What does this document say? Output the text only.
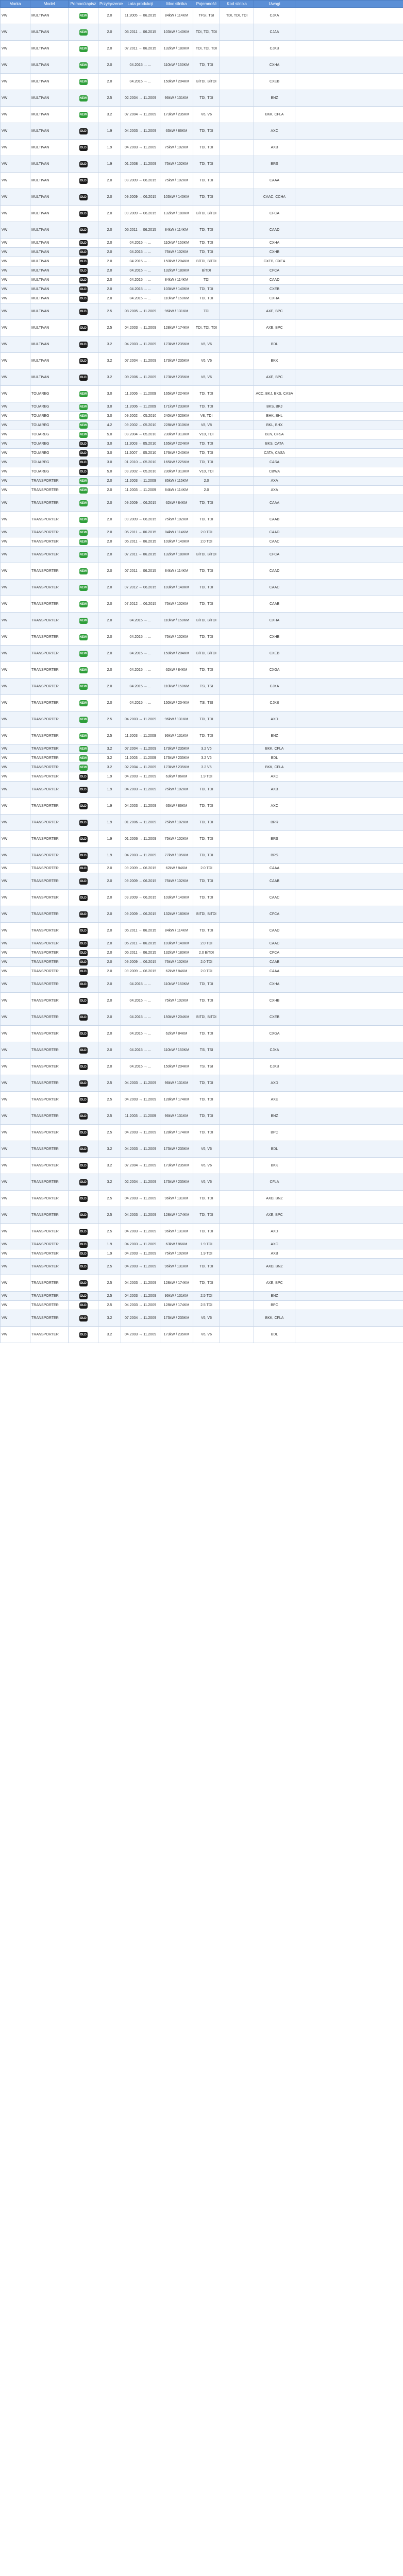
Marka	Model	Pomoc/zapisz	Przyłączenie	Lata produkcji	Moc silnika	Pojemność	Kod silnika	Uwagi	
VW	MULTIVAN	NEW	2.0	11.2005 → 06.2015	84kW / 114KM	TFSI, TSI	TDI, TDI, TDI	CJKA	
VW	MULTIVAN	NEW	2.0	05.2011 → 06.2015	103kW / 140KM	TDI, TDI, TDI		CJAA	
VW	MULTIVAN	NEW	2.0	07.2011 → 06.2015	132kW / 180KM	TDI, TDI, TDI		CJKB	
VW	MULTIVAN	NEW	2.0	04.2015 → ...	110kW / 150KM	TDI, TDI		CXHA	
VW	MULTIVAN	NEW	2.0	04.2015 → ...	150kW / 204KM	BiTDI, BiTDI		CXEB	
VW	MULTIVAN	NEW	2.5	02.2004 → 11.2009	96kW / 131KM	TDI, TDI		BNZ	
VW	MULTIVAN	NEW	3.2	07.2004 → 11.2009	173kW / 235KM	V6, V6		BKK, CFLA	
VW	MULTIVAN	OLD	1.9	04.2003 → 11.2009	63kW / 86KM	TDI, TDI		AXC	
VW	MULTIVAN	OLD	1.9	04.2003 → 11.2009	75kW / 102KM	TDI, TDI		AXB	
VW	MULTIVAN	OLD	1.9	01.2008 → 11.2009	75kW / 102KM	TDI, TDI		BRS	
VW	MULTIVAN	OLD	2.0	08.2009 → 06.2015	75kW / 102KM	TDI, TDI		CAAA	
VW	MULTIVAN	OLD	2.0	09.2009 → 06.2015	103kW / 140KM	TDI, TDI		CAAC, CCHA	
VW	MULTIVAN	OLD	2.0	09.2009 → 06.2015	132kW / 180KM	BiTDI, BiTDI		CFCA	
VW	MULTIVAN	OLD	2.0	05.2011 → 06.2015	84kW / 114KM	TDI, TDI		CAAD	
VW	MULTIVAN	OLD	2.0	04.2015 → ...	110kW / 150KM	TDI, TDI		CXHA	
VW	MULTIVAN	OLD	2.0	04.2015 → ...	75kW / 102KM	TDI, TDI		CXHB	
VW	MULTIVAN	OLD	2.0	04.2015 → ...	150kW / 204KM	BiTDI, BiTDI		CXEB, CXEA	
VW	MULTIVAN	OLD	2.0	04.2015 → ...	132kW / 180KM	BiTDI		CFCA	
VW	MULTIVAN	OLD	2.0	04.2015 → ...	84kW / 114KM	TDI		CAAD	
VW	MULTIVAN	OLD	2.0	04.2015 → ...	103kW / 140KM	TDI, TDI		CXEB	
VW	MULTIVAN	OLD	2.0	04.2015 → ...	110kW / 150KM	TDI, TDI		CXHA	
VW	MULTIVAN	OLD	2.5	08.2005 → 11.2009	96kW / 131KM	TDI		AXE, BPC	
VW	MULTIVAN	OLD	2.5	04.2003 → 11.2009	128kW / 174KM	TDI, TDI, TDI		AXE, BPC	
VW	MULTIVAN	OLD	3.2	04.2003 → 11.2009	173kW / 235KM	V6, V6		BDL	
VW	MULTIVAN	OLD	3.2	07.2004 → 11.2009	173kW / 235KM	V6, V6		BKK	
VW	MULTIVAN	OLD	3.2	09.2006 → 11.2009	173kW / 235KM	V6, V6		AXE, BPC	
VW	TOUAREG	NEW	3.0	11.2006 → 11.2009	165kW / 224KM	TDI, TDI		ACC, BKJ, BKS, CASA	
VW	TOUAREG	NEW	3.0	11.2006 → 11.2009	171kW / 233KM	TDI, TDI		BKS, BKJ	
VW	TOUAREG	NEW	3.0	09.2002 → 05.2010	240kW / 326KM	V8, TDI		BHK, BHL	
VW	TOUAREG	NEW	4.2	09.2002 → 05.2010	228kW / 310KM	V8, V8		BKL, BHX	
VW	TOUAREG	NEW	5.0	08.2004 → 05.2010	230kW / 313KM	V10, TDI		BLN, CFSA	
VW	TOUAREG	OLD	3.0	11.2003 → 05.2010	165kW / 224KM	TDI, TDI		BKS, CATA	
VW	TOUAREG	OLD	3.0	11.2007 → 05.2010	176kW / 240KM	TDI, TDI		CATA, CASA	
VW	TOUAREG	OLD	3.0	01.2010 → 05.2010	165kW / 225KM	TDI, TDI		CASA	
VW	TOUAREG	OLD	5.0	09.2002 → 05.2010	230kW / 313KM	V10, TDI		CBWA	
VW	TRANSPORTER	NEW	2.0	11.2003 → 11.2009	85kW / 115KM	2.0		AXA	
VW	TRANSPORTER	NEW	2.0	11.2003 → 11.2009	84kW / 114KM	2.0		AXA	
VW	TRANSPORTER	NEW	2.0	09.2009 → 06.2015	62kW / 84KM	TDI, TDI		CAAA	
VW	TRANSPORTER	NEW	2.0	09.2009 → 06.2015	75kW / 102KM	TDI, TDI		CAAB	
VW	TRANSPORTER	NEW	2.0	05.2011 → 06.2015	84kW / 114KM	2.0 TDI		CAAD	
VW	TRANSPORTER	NEW	2.0	05.2011 → 06.2015	103kW / 140KM	2.0 TDI		CAAC	
VW	TRANSPORTER	NEW	2.0	07.2011 → 06.2015	132kW / 180KM	BiTDI, BiTDI		CFCA	
VW	TRANSPORTER	NEW	2.0	07.2011 → 06.2015	84kW / 114KM	TDI, TDI		CAAD	
VW	TRANSPORTER	NEW	2.0	07.2012 → 06.2015	103kW / 140KM	TDI, TDI		CAAC	
VW	TRANSPORTER	NEW	2.0	07.2012 → 06.2015	75kW / 102KM	TDI, TDI		CAAB	
VW	TRANSPORTER	NEW	2.0	04.2015 → ...	110kW / 150KM	BiTDI, BiTDI		CXHA	
VW	TRANSPORTER	NEW	2.0	04.2015 → ...	75kW / 102KM	TDI, TDI		CXHB	
VW	TRANSPORTER	NEW	2.0	04.2015 → ...	150kW / 204KM	BiTDI, BiTDI		CXEB	
VW	TRANSPORTER	NEW	2.0	04.2015 → ...	62kW / 84KM	TDI, TDI		CXGA	
VW	TRANSPORTER	NEW	2.0	04.2015 → ...	110kW / 150KM	TSI, TSI		CJKA	
VW	TRANSPORTER	NEW	2.0	04.2015 → ...	150kW / 204KM	TSI, TSI		CJKB	
VW	TRANSPORTER	NEW	2.5	04.2003 → 11.2009	96kW / 131KM	TDI, TDI		AXD	
VW	TRANSPORTER	NEW	2.5	11.2003 → 11.2009	96kW / 131KM	TDI, TDI		BNZ	
VW	TRANSPORTER	NEW	3.2	07.2004 → 11.2009	173kW / 235KM	3.2 V6		BKK, CFLA	
VW	TRANSPORTER	NEW	3.2	11.2003 → 11.2009	173kW / 235KM	3.2 V6		BDL	
VW	TRANSPORTER	NEW	3.2	02.2004 → 11.2009	173kW / 235KM	3.2 V6		BKK, CFLA	
VW	TRANSPORTER	OLD	1.9	04.2003 → 11.2009	63kW / 86KM	1.9 TDI		AXC	
VW	TRANSPORTER	OLD	1.9	04.2003 → 11.2009	75kW / 102KM	TDI, TDI		AXB	
VW	TRANSPORTER	OLD	1.9	04.2003 → 11.2009	63kW / 86KM	TDI, TDI		AXC	
VW	TRANSPORTER	OLD	1.9	01.2006 → 11.2009	75kW / 102KM	TDI, TDI		BRR	
VW	TRANSPORTER	OLD	1.9	01.2006 → 11.2009	75kW / 102KM	TDI, TDI		BRS	
VW	TRANSPORTER	OLD	1.9	04.2003 → 11.2009	77kW / 105KM	TDI, TDI		BRS	
VW	TRANSPORTER	OLD	2.0	09.2009 → 06.2015	62kW / 84KM	2.0 TDI		CAAA	
VW	TRANSPORTER	OLD	2.0	09.2009 → 06.2015	75kW / 102KM	TDI, TDI		CAAB	
VW	TRANSPORTER	OLD	2.0	09.2009 → 06.2015	103kW / 140KM	TDI, TDI		CAAC	
VW	TRANSPORTER	OLD	2.0	09.2009 → 06.2015	132kW / 180KM	BiTDI, BiTDI		CFCA	
VW	TRANSPORTER	OLD	2.0	05.2011 → 06.2015	84kW / 114KM	TDI, TDI		CAAD	
VW	TRANSPORTER	OLD	2.0	05.2011 → 06.2015	103kW / 140KM	2.0 TDI		CAAC	
VW	TRANSPORTER	OLD	2.0	05.2011 → 06.2015	132kW / 180KM	2.0 BiTDI		CFCA	
VW	TRANSPORTER	OLD	2.0	09.2009 → 06.2015	75kW / 102KM	2.0 TDI		CAAB	
VW	TRANSPORTER	OLD	2.0	09.2009 → 06.2015	62kW / 84KM	2.0 TDI		CAAA	
VW	TRANSPORTER	OLD	2.0	04.2015 → ...	110kW / 150KM	TDI, TDI		CXHA	
VW	TRANSPORTER	OLD	2.0	04.2015 → ...	75kW / 102KM	TDI, TDI		CXHB	
VW	TRANSPORTER	OLD	2.0	04.2015 → ...	150kW / 204KM	BiTDI, BiTDI		CXEB	
VW	TRANSPORTER	OLD	2.0	04.2015 → ...	62kW / 84KM	TDI, TDI		CXGA	
VW	TRANSPORTER	OLD	2.0	04.2015 → ...	110kW / 150KM	TSI, TSI		CJKA	
VW	TRANSPORTER	OLD	2.0	04.2015 → ...	150kW / 204KM	TSI, TSI		CJKB	
VW	TRANSPORTER	OLD	2.5	04.2003 → 11.2009	96kW / 131KM	TDI, TDI		AXD	
VW	TRANSPORTER	OLD	2.5	04.2003 → 11.2009	128kW / 174KM	TDI, TDI		AXE	
VW	TRANSPORTER	OLD	2.5	11.2003 → 11.2009	96kW / 131KM	TDI, TDI		BNZ	
VW	TRANSPORTER	OLD	2.5	04.2003 → 11.2009	128kW / 174KM	TDI, TDI		BPC	
VW	TRANSPORTER	OLD	3.2	04.2003 → 11.2009	173kW / 235KM	V6, V6		BDL	
VW	TRANSPORTER	OLD	3.2	07.2004 → 11.2009	173kW / 235KM	V6, V6		BKK	
VW	TRANSPORTER	OLD	3.2	02.2004 → 11.2009	173kW / 235KM	V6, V6		CFLA	
VW	TRANSPORTER	OLD	2.5	04.2003 → 11.2009	96kW / 131KM	TDI, TDI		AXD, BNZ	
VW	TRANSPORTER	OLD	2.5	04.2003 → 11.2009	128kW / 174KM	TDI, TDI		AXE, BPC	
VW	TRANSPORTER	OLD	2.5	04.2003 → 11.2009	96kW / 131KM	TDI, TDI		AXD	
VW	TRANSPORTER	OLD	1.9	04.2003 → 11.2009	63kW / 86KM	1.9 TDI		AXC	
VW	TRANSPORTER	OLD	1.9	04.2003 → 11.2009	75kW / 102KM	1.9 TDI		AXB	
VW	TRANSPORTER	OLD	2.5	04.2003 → 11.2009	96kW / 131KM	TDI, TDI		AXD, BNZ	
VW	TRANSPORTER	OLD	2.5	04.2003 → 11.2009	128kW / 174KM	TDI, TDI		AXE, BPC	
VW	TRANSPORTER	OLD	2.5	04.2003 → 11.2009	96kW / 131KM	2.5 TDI		BNZ	
VW	TRANSPORTER	OLD	2.5	04.2003 → 11.2009	128kW / 174KM	2.5 TDI		BPC	
VW	TRANSPORTER	OLD	3.2	07.2004 → 11.2009	173kW / 235KM	V6, V6		BKK, CFLA	
VW	TRANSPORTER	OLD	3.2	04.2003 → 11.2009	173kW / 235KM	V6, V6		BDL	
